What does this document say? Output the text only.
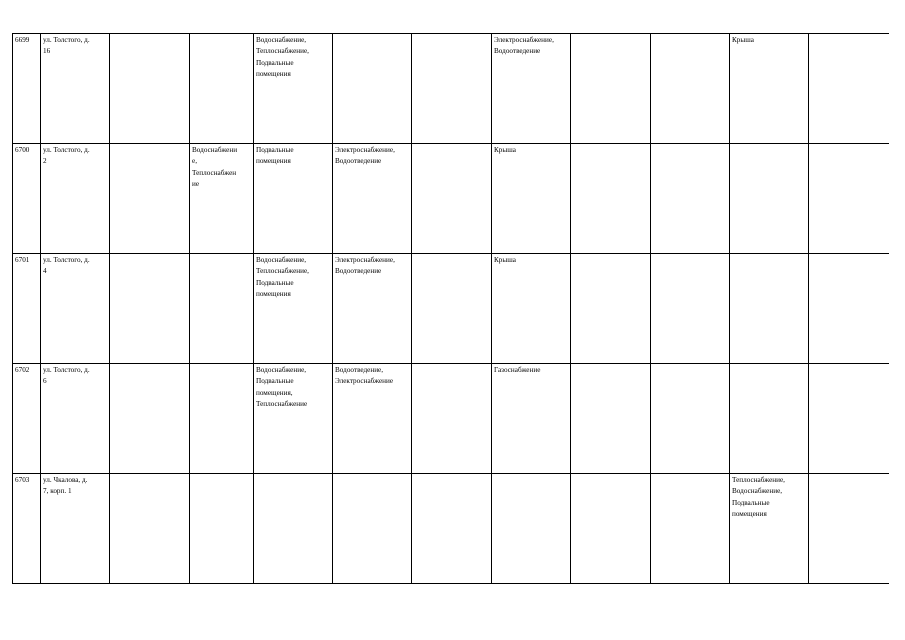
6699	ул. Толстого, д.
16			Водоснабжение,
Теплоснабжение,
Подвальные
помещения			Электроснабжение,
Водоотведение			Крыша	

6700	ул. Толстого, д.
2		Водоснабжени
е,
Теплоснабжен
ие	Подвальные
помещения	Электроснабжение,
Водоотведение		Крыша				

6701	ул. Толстого, д.
4			Водоснабжение,
Теплоснабжение,
Подвальные
помещения	Электроснабжение,
Водоотведение		Крыша				

6702	ул. Толстого, д.
6			Водоснабжение,
Подвальные
помещения,
Теплоснабжение	Водоотведение,
Электроснабжение		Газоснабжение				

6703	ул. Чкалова, д.
7, корп. 1									Теплоснабжение,
Водоснабжение,
Подвальные
помещения	
